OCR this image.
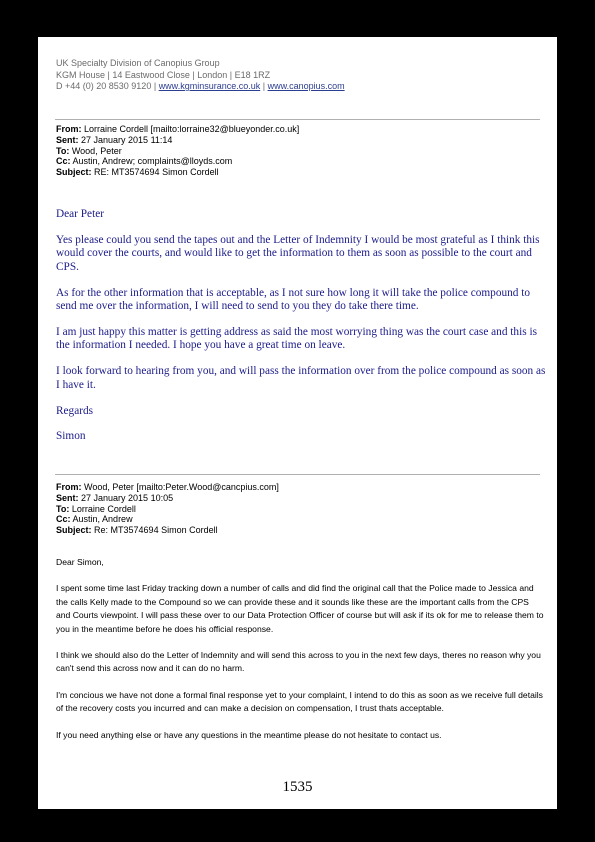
UK Specialty Division of Canopius Group
KGM House | 14 Eastwood Close | London | E18 1RZ
D +44 (0) 20 8530 9120 | www.kgminsurance.co.uk | www.canopius.com
From: Lorraine Cordell [mailto:lorraine32@blueyonder.co.uk]
Sent: 27 January 2015 11:14
To: Wood, Peter
Cc: Austin, Andrew; complaints@lloyds.com
Subject: RE: MT3574694 Simon Cordell

Dear Peter

Yes please could you send the tapes out and the Letter of Indemnity I would be most grateful as I think this would cover the courts, and would like to get the information to them as soon as possible to the court and CPS.

As for the other information that is acceptable, as I not sure how long it will take the police compound to send me over the information, I will need to send to you they do take there time.

I am just happy this matter is getting address as said the most worrying thing was the court case and this is the information I needed. I hope you have a great time on leave.

I look forward to hearing from you, and will pass the information over from the police compound as soon as I have it.

Regards

Simon

From: Wood, Peter [mailto:Peter.Wood@cancpius.com]
Sent: 27 January 2015 10:05
To: Lorraine Cordell
Cc: Austin, Andrew
Subject: Re: MT3574694 Simon Cordell

Dear Simon,

I spent some time last Friday tracking down a number of calls and did find the original call that the Police made to Jessica and the calls Kelly made to the Compound so we can provide these and it sounds like these are the important calls from the CPS and Courts viewpoint. I will pass these over to our Data Protection Officer of course but will ask if its ok for me to release them to you in the meantime before he does his official response.

I think we should also do the Letter of Indemnity and will send this across to you in the next few days, theres no reason why you can't send this across now and it can do no harm.

I'm concious we have not done a formal final response yet to your complaint, I intend to do this as soon as we receive full details of the recovery costs you incurred and can make a decision on compensation, I trust thats acceptable.

If you need anything else or have any questions in the meantime please do not hesitate to contact us.

1535
